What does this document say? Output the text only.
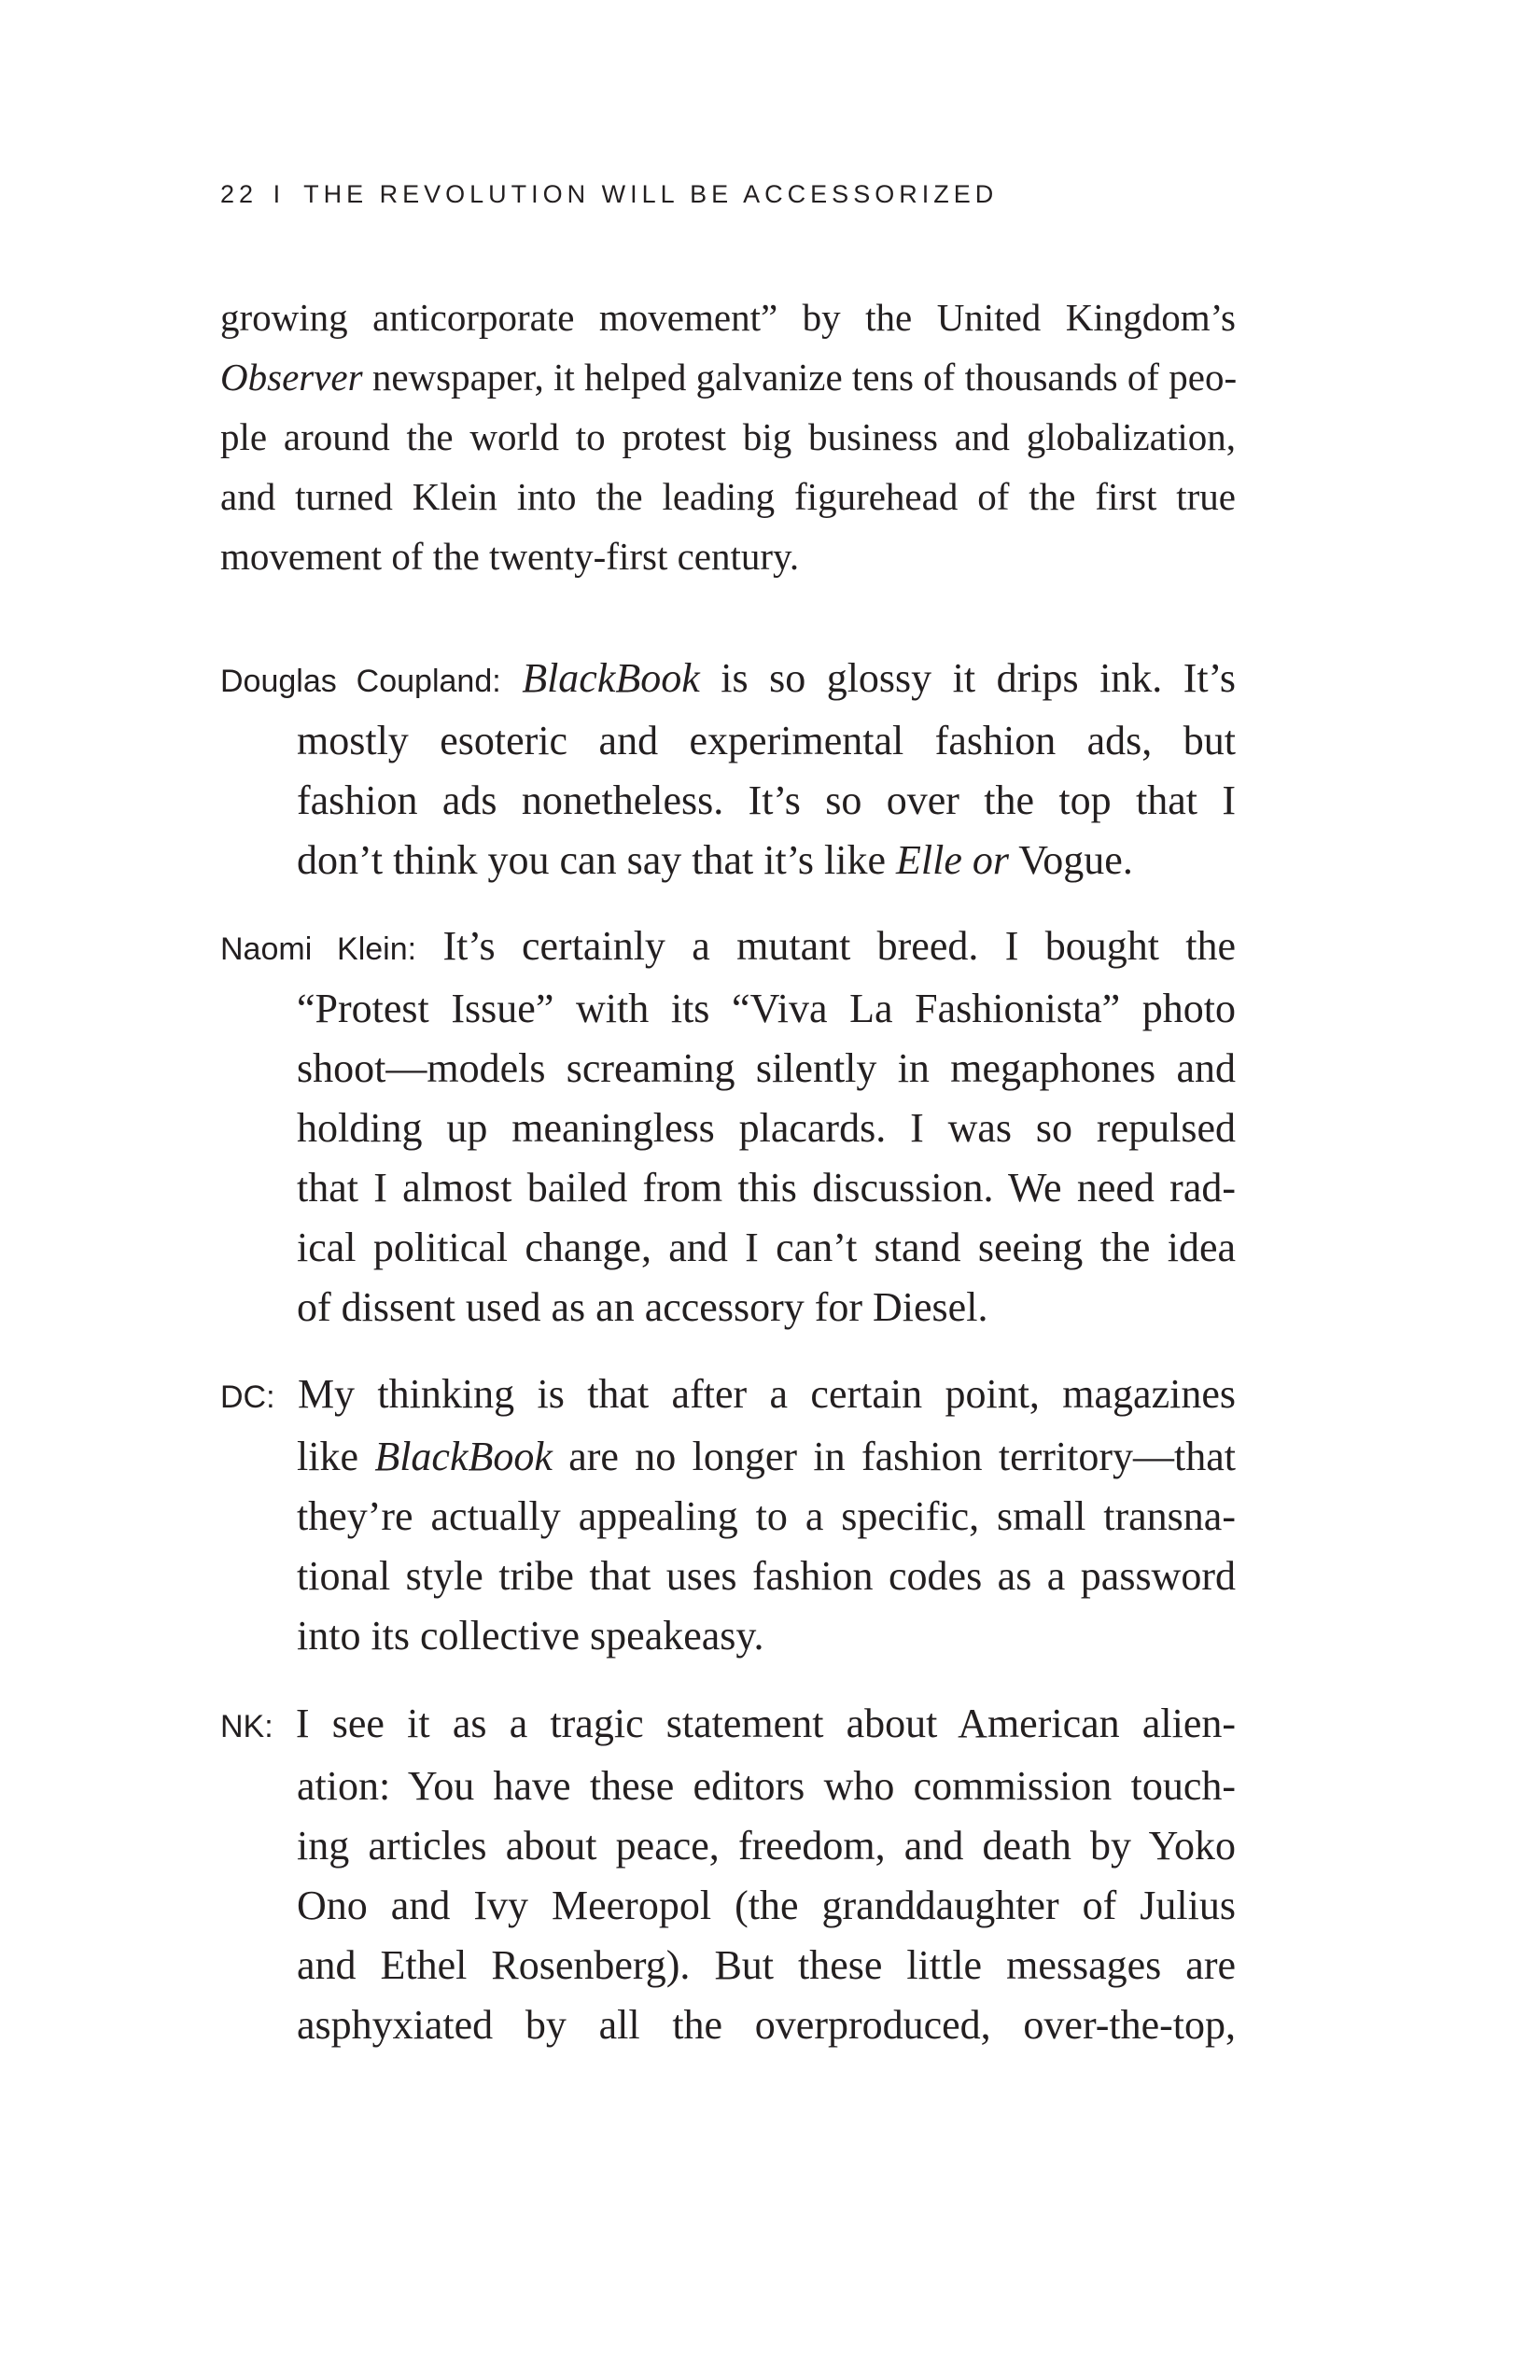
22 I THE REVOLUTION WILL BE ACCESSORIZED
growing anticorporate movement” by the United Kingdom’s
Observer newspaper, it helped galvanize tens of thousands of peo-
ple around the world to protest big business and globalization,
and turned Klein into the leading figurehead of the first true
movement of the twenty-first century.
Douglas Coupland: BlackBook is so glossy it drips ink. It’s
mostly esoteric and experimental fashion ads, but
fashion ads nonetheless. It’s so over the top that I
don’t think you can say that it’s like Elle or Vogue.
Naomi Klein: It’s certainly a mutant breed. I bought the
“Protest Issue” with its “Viva La Fashionista” photo
shoot—models screaming silently in megaphones and
holding up meaningless placards. I was so repulsed
that I almost bailed from this discussion. We need rad-
ical political change, and I can’t stand seeing the idea
of dissent used as an accessory for Diesel.
DC: My thinking is that after a certain point, magazines
like BlackBook are no longer in fashion territory—that
they’re actually appealing to a specific, small transna-
tional style tribe that uses fashion codes as a password
into its collective speakeasy.
NK: I see it as a tragic statement about American alien-
ation: You have these editors who commission touch-
ing articles about peace, freedom, and death by Yoko
Ono and Ivy Meeropol (the granddaughter of Julius
and Ethel Rosenberg). But these little messages are
asphyxiated by all the overproduced, over-the-top,
